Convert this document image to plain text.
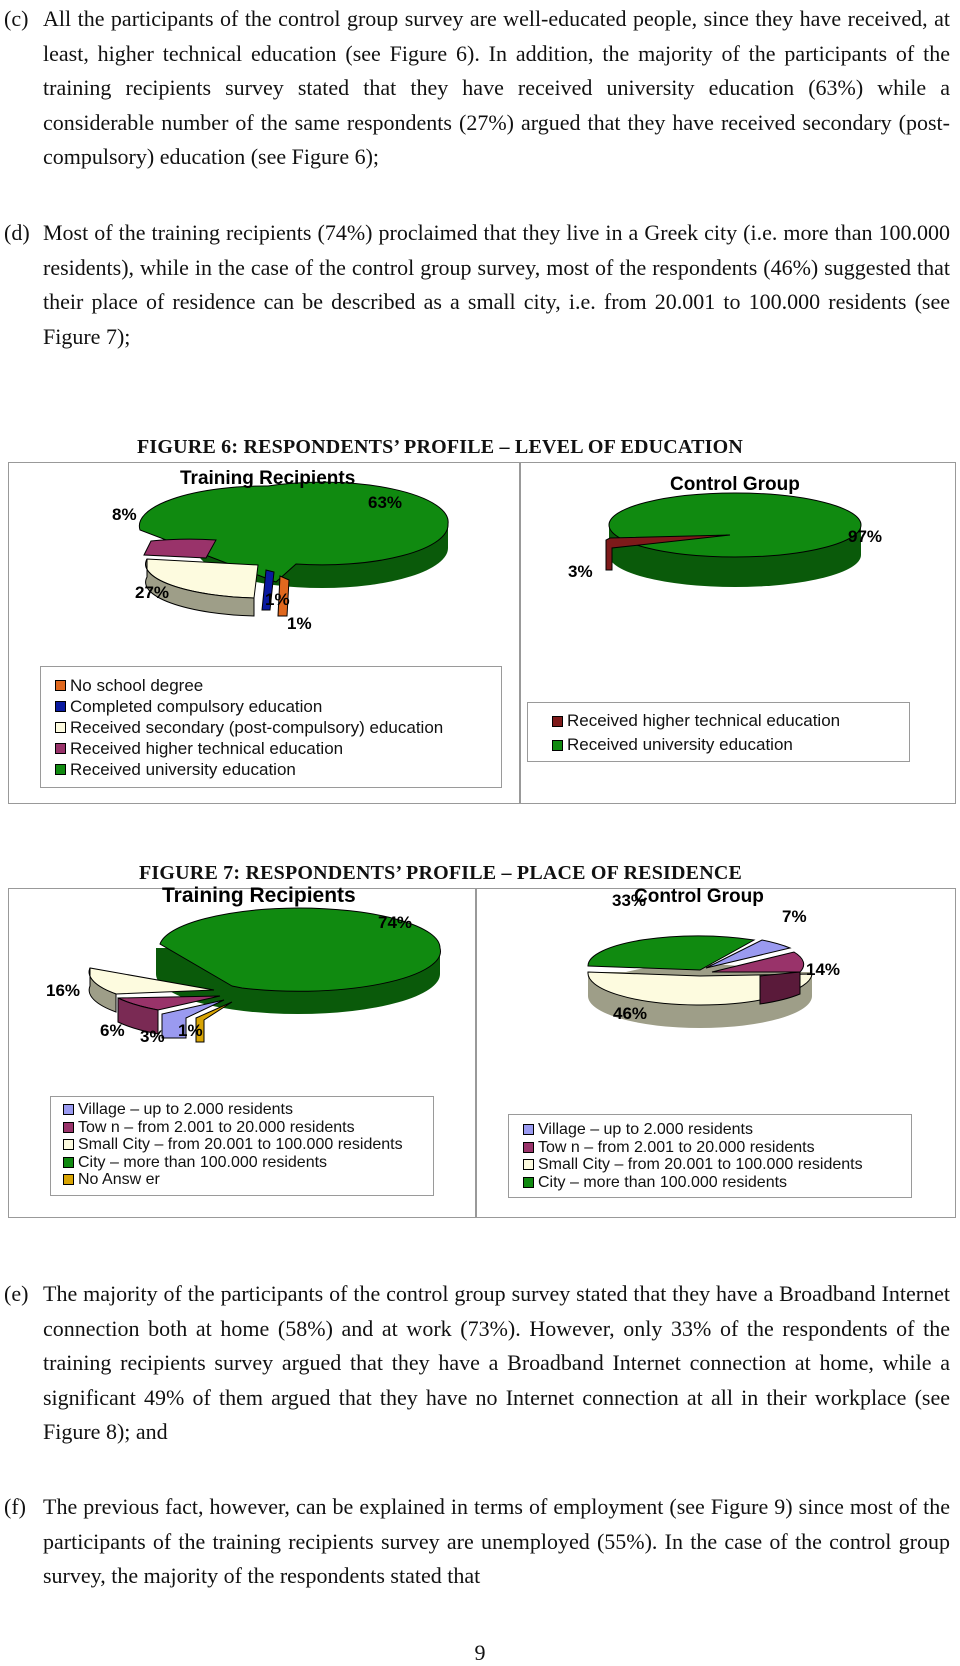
(c) All the participants of the control group survey are well-educated people, since they have received, at least, higher technical education (see Figure 6). In addition, the majority of the participants of the training recipients survey stated that they have received university education (63%) while a considerable number of the same respondents (27%) argued that they have received secondary (post-compulsory) education (see Figure 6);
(d) Most of the training recipients (74%) proclaimed that they live in a Greek city (i.e. more than 100.000 residents), while in the case of the control group survey, most of the respondents (46%) suggested that their place of residence can be described as a small city, i.e. from 20.001 to 100.000 residents (see Figure 7);
FIGURE 6: RESPONDENTS’ PROFILE – LEVEL OF EDUCATION
63%
8%
27%	1%
1%
97%
3%
Training Recipients	Control Group
No school degree
Completed compulsory education
Received secondary (post-compulsory) education
Received higher technical education
Received university education
Received higher technical education
Received university education
FIGURE 7: RESPONDENTS’ PROFILE – PLACE OF RESIDENCE
74%
16%
6% 3% 1%
33%
7%
14%
46%
Training Recipients	Control Group
Village – up to 2.000 residents
Tow n – from 2.001 to 20.000 residents
Small City – from 20.001 to 100.000 residents
City – more than 100.000 residents
No Answ er
Village – up to 2.000 residents
Tow n – from 2.001 to 20.000 residents
Small City – from 20.001 to 100.000 residents
City – more than 100.000 residents
(e) The majority of the participants of the control group survey stated that they have a Broadband Internet connection both at home (58%) and at work (73%). However, only 33% of the respondents of the training recipients survey argued that they have a Broadband Internet connection at home, while a significant 49% of them argued that they have no Internet connection at all in their workplace (see Figure 8); and
(f) The previous fact, however, can be explained in terms of employment (see Figure 9) since most of the participants of the training recipients survey are unemployed (55%). In the case of the control group survey, the majority of the respondents stated that
9
